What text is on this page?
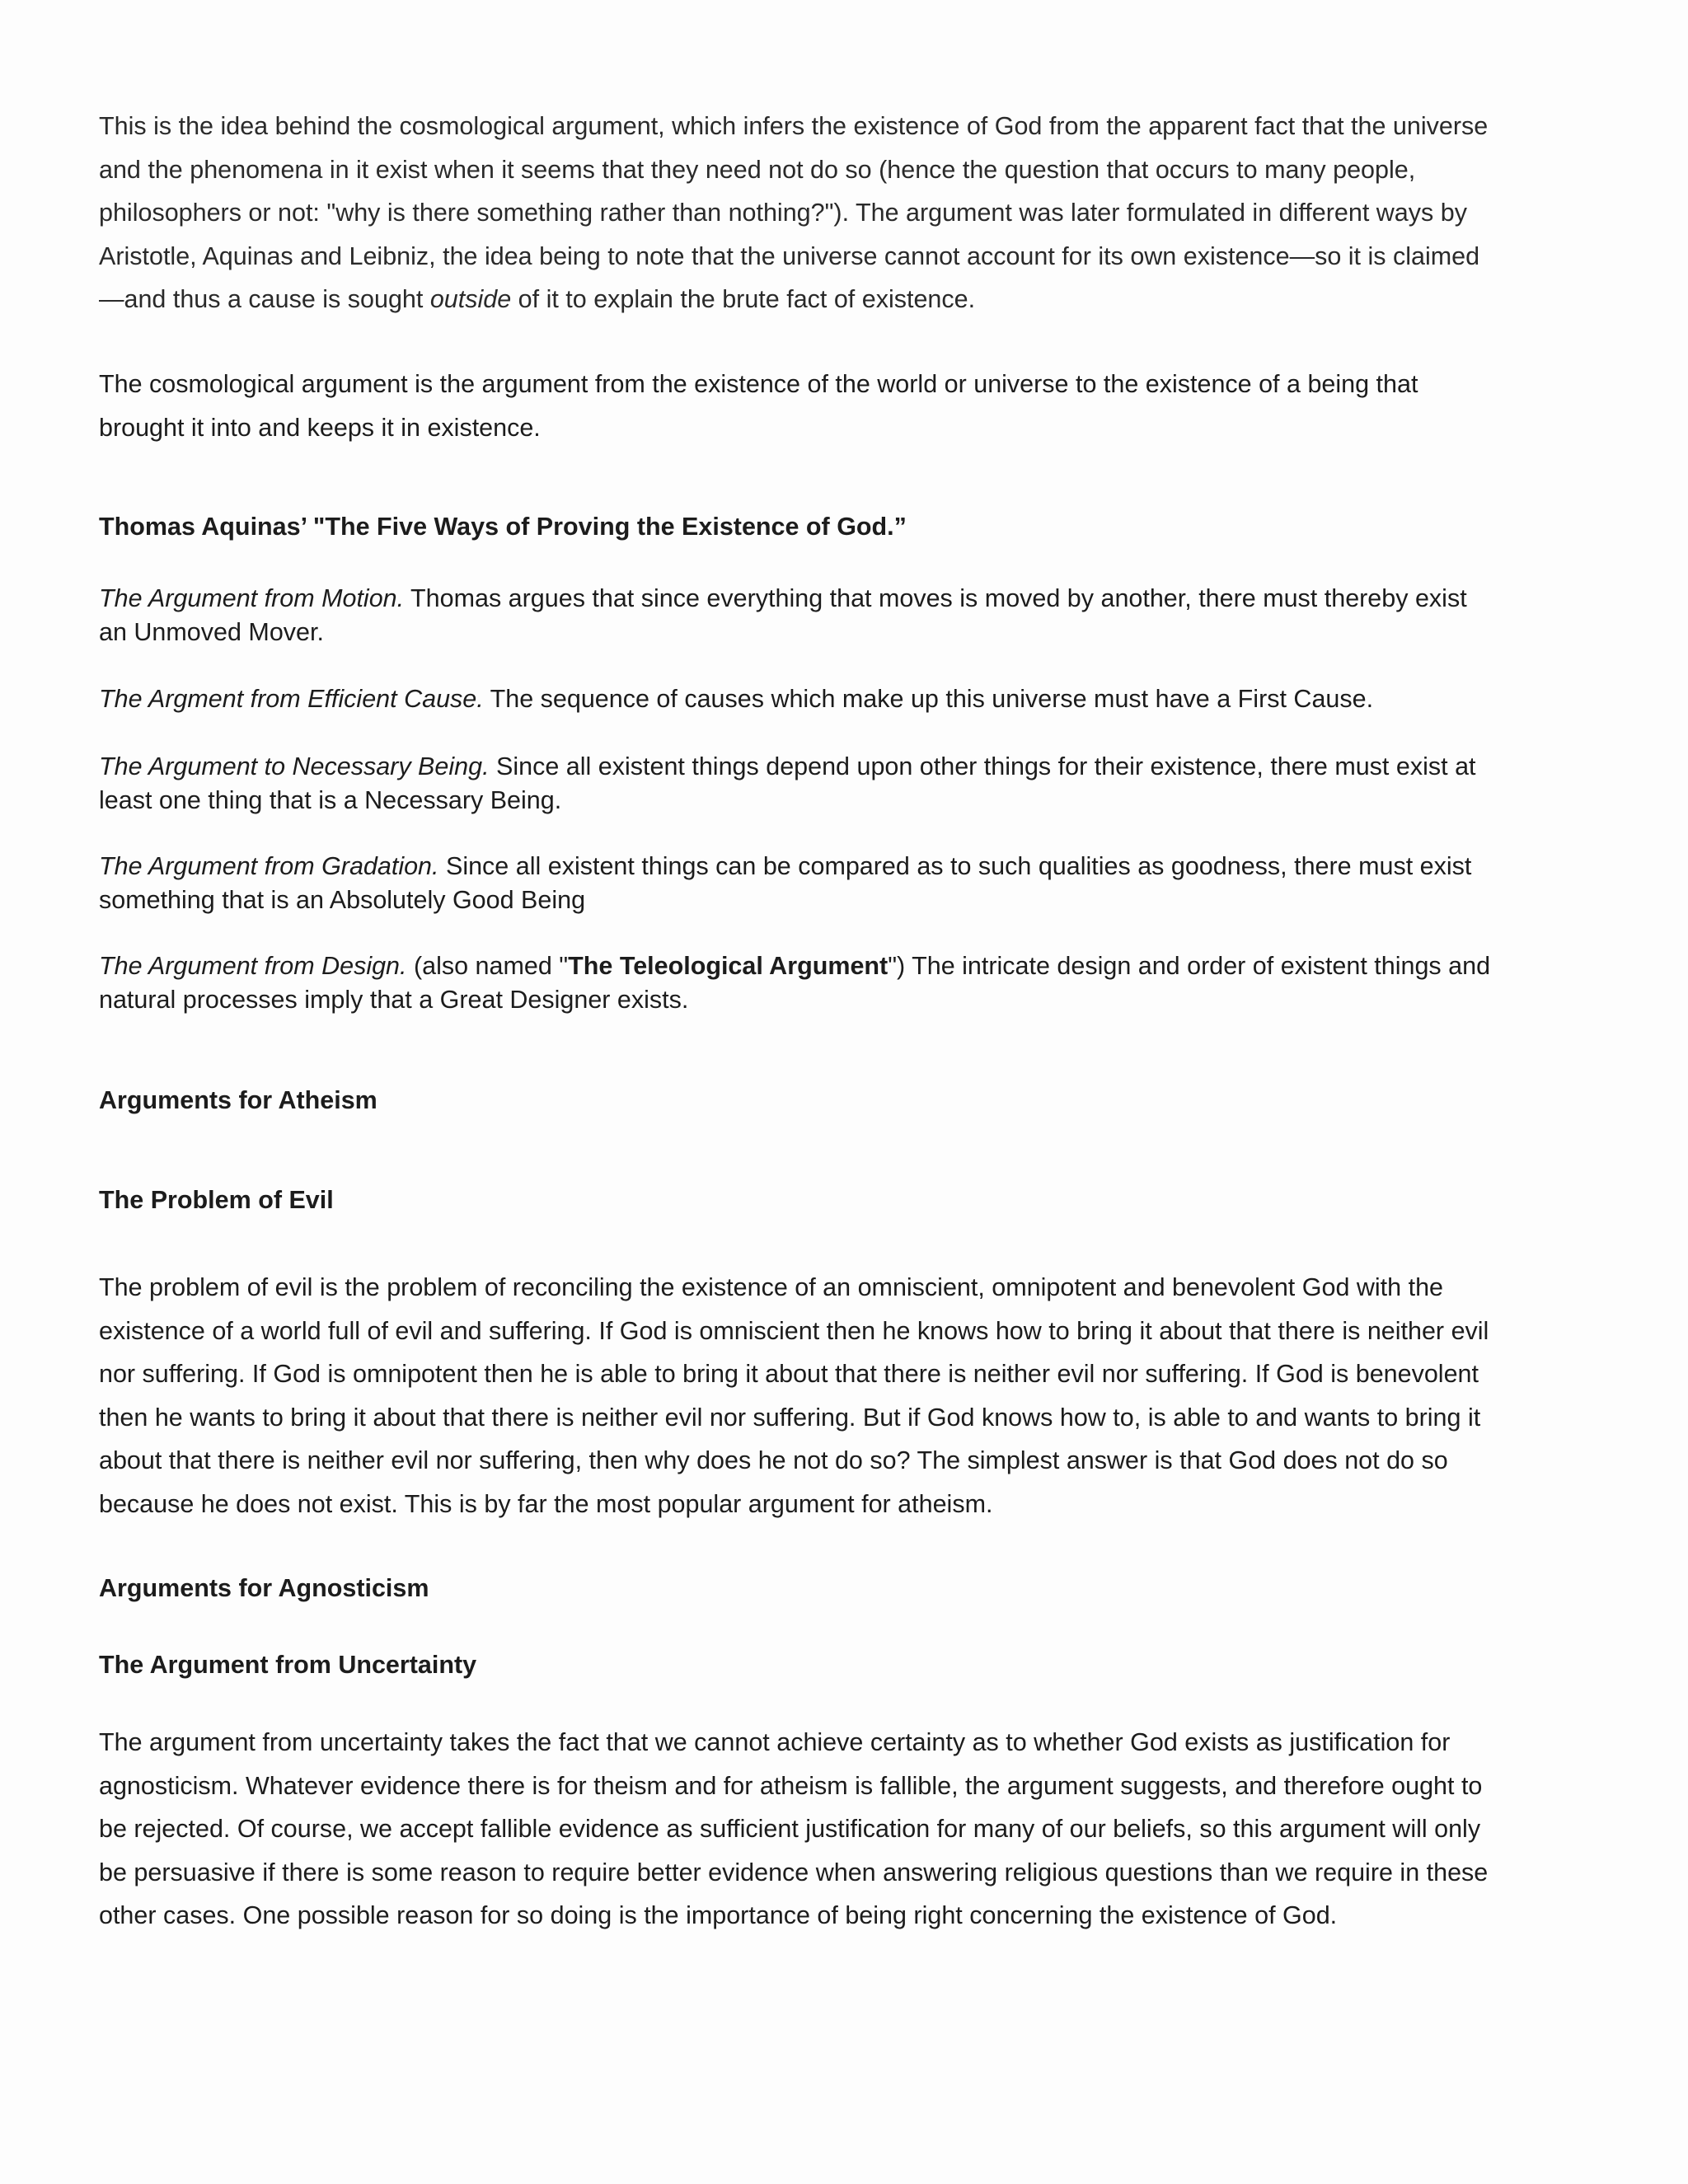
This is the idea behind the cosmological argument, which infers the existence of God from the apparent fact that the universe and the phenomena in it exist when it seems that they need not do so (hence the question that occurs to many people, philosophers or not: "why is there something rather than nothing?"). The argument was later formulated in different ways by Aristotle, Aquinas and Leibniz, the idea being to note that the universe cannot account for its own existence—so it is claimed—and thus a cause is sought outside of it to explain the brute fact of existence.

The cosmological argument is the argument from the existence of the world or universe to the existence of a being that brought it into and keeps it in existence.

Thomas Aquinas’ "The Five Ways of Proving the Existence of God.”

The Argument from Motion. Thomas argues that since everything that moves is moved by another, there must thereby exist an Unmoved Mover.

The Argment from Efficient Cause. The sequence of causes which make up this universe must have a First Cause.

The Argument to Necessary Being. Since all existent things depend upon other things for their existence, there must exist at least one thing that is a Necessary Being.

The Argument from Gradation. Since all existent things can be compared as to such qualities as goodness, there must exist something that is an Absolutely Good Being

The Argument from Design. (also named "The Teleological Argument") The intricate design and order of existent things and natural processes imply that a Great Designer exists.

Arguments for Atheism

The Problem of Evil

The problem of evil is the problem of reconciling the existence of an omniscient, omnipotent and benevolent God with the existence of a world full of evil and suffering. If God is omniscient then he knows how to bring it about that there is neither evil nor suffering. If God is omnipotent then he is able to bring it about that there is neither evil nor suffering. If God is benevolent then he wants to bring it about that there is neither evil nor suffering. But if God knows how to, is able to and wants to bring it about that there is neither evil nor suffering, then why does he not do so? The simplest answer is that God does not do so because he does not exist. This is by far the most popular argument for atheism.

Arguments for Agnosticism

The Argument from Uncertainty

The argument from uncertainty takes the fact that we cannot achieve certainty as to whether God exists as justification for agnosticism. Whatever evidence there is for theism and for atheism is fallible, the argument suggests, and therefore ought to be rejected. Of course, we accept fallible evidence as sufficient justification for many of our beliefs, so this argument will only be persuasive if there is some reason to require better evidence when answering religious questions than we require in these other cases. One possible reason for so doing is the importance of being right concerning the existence of God.
